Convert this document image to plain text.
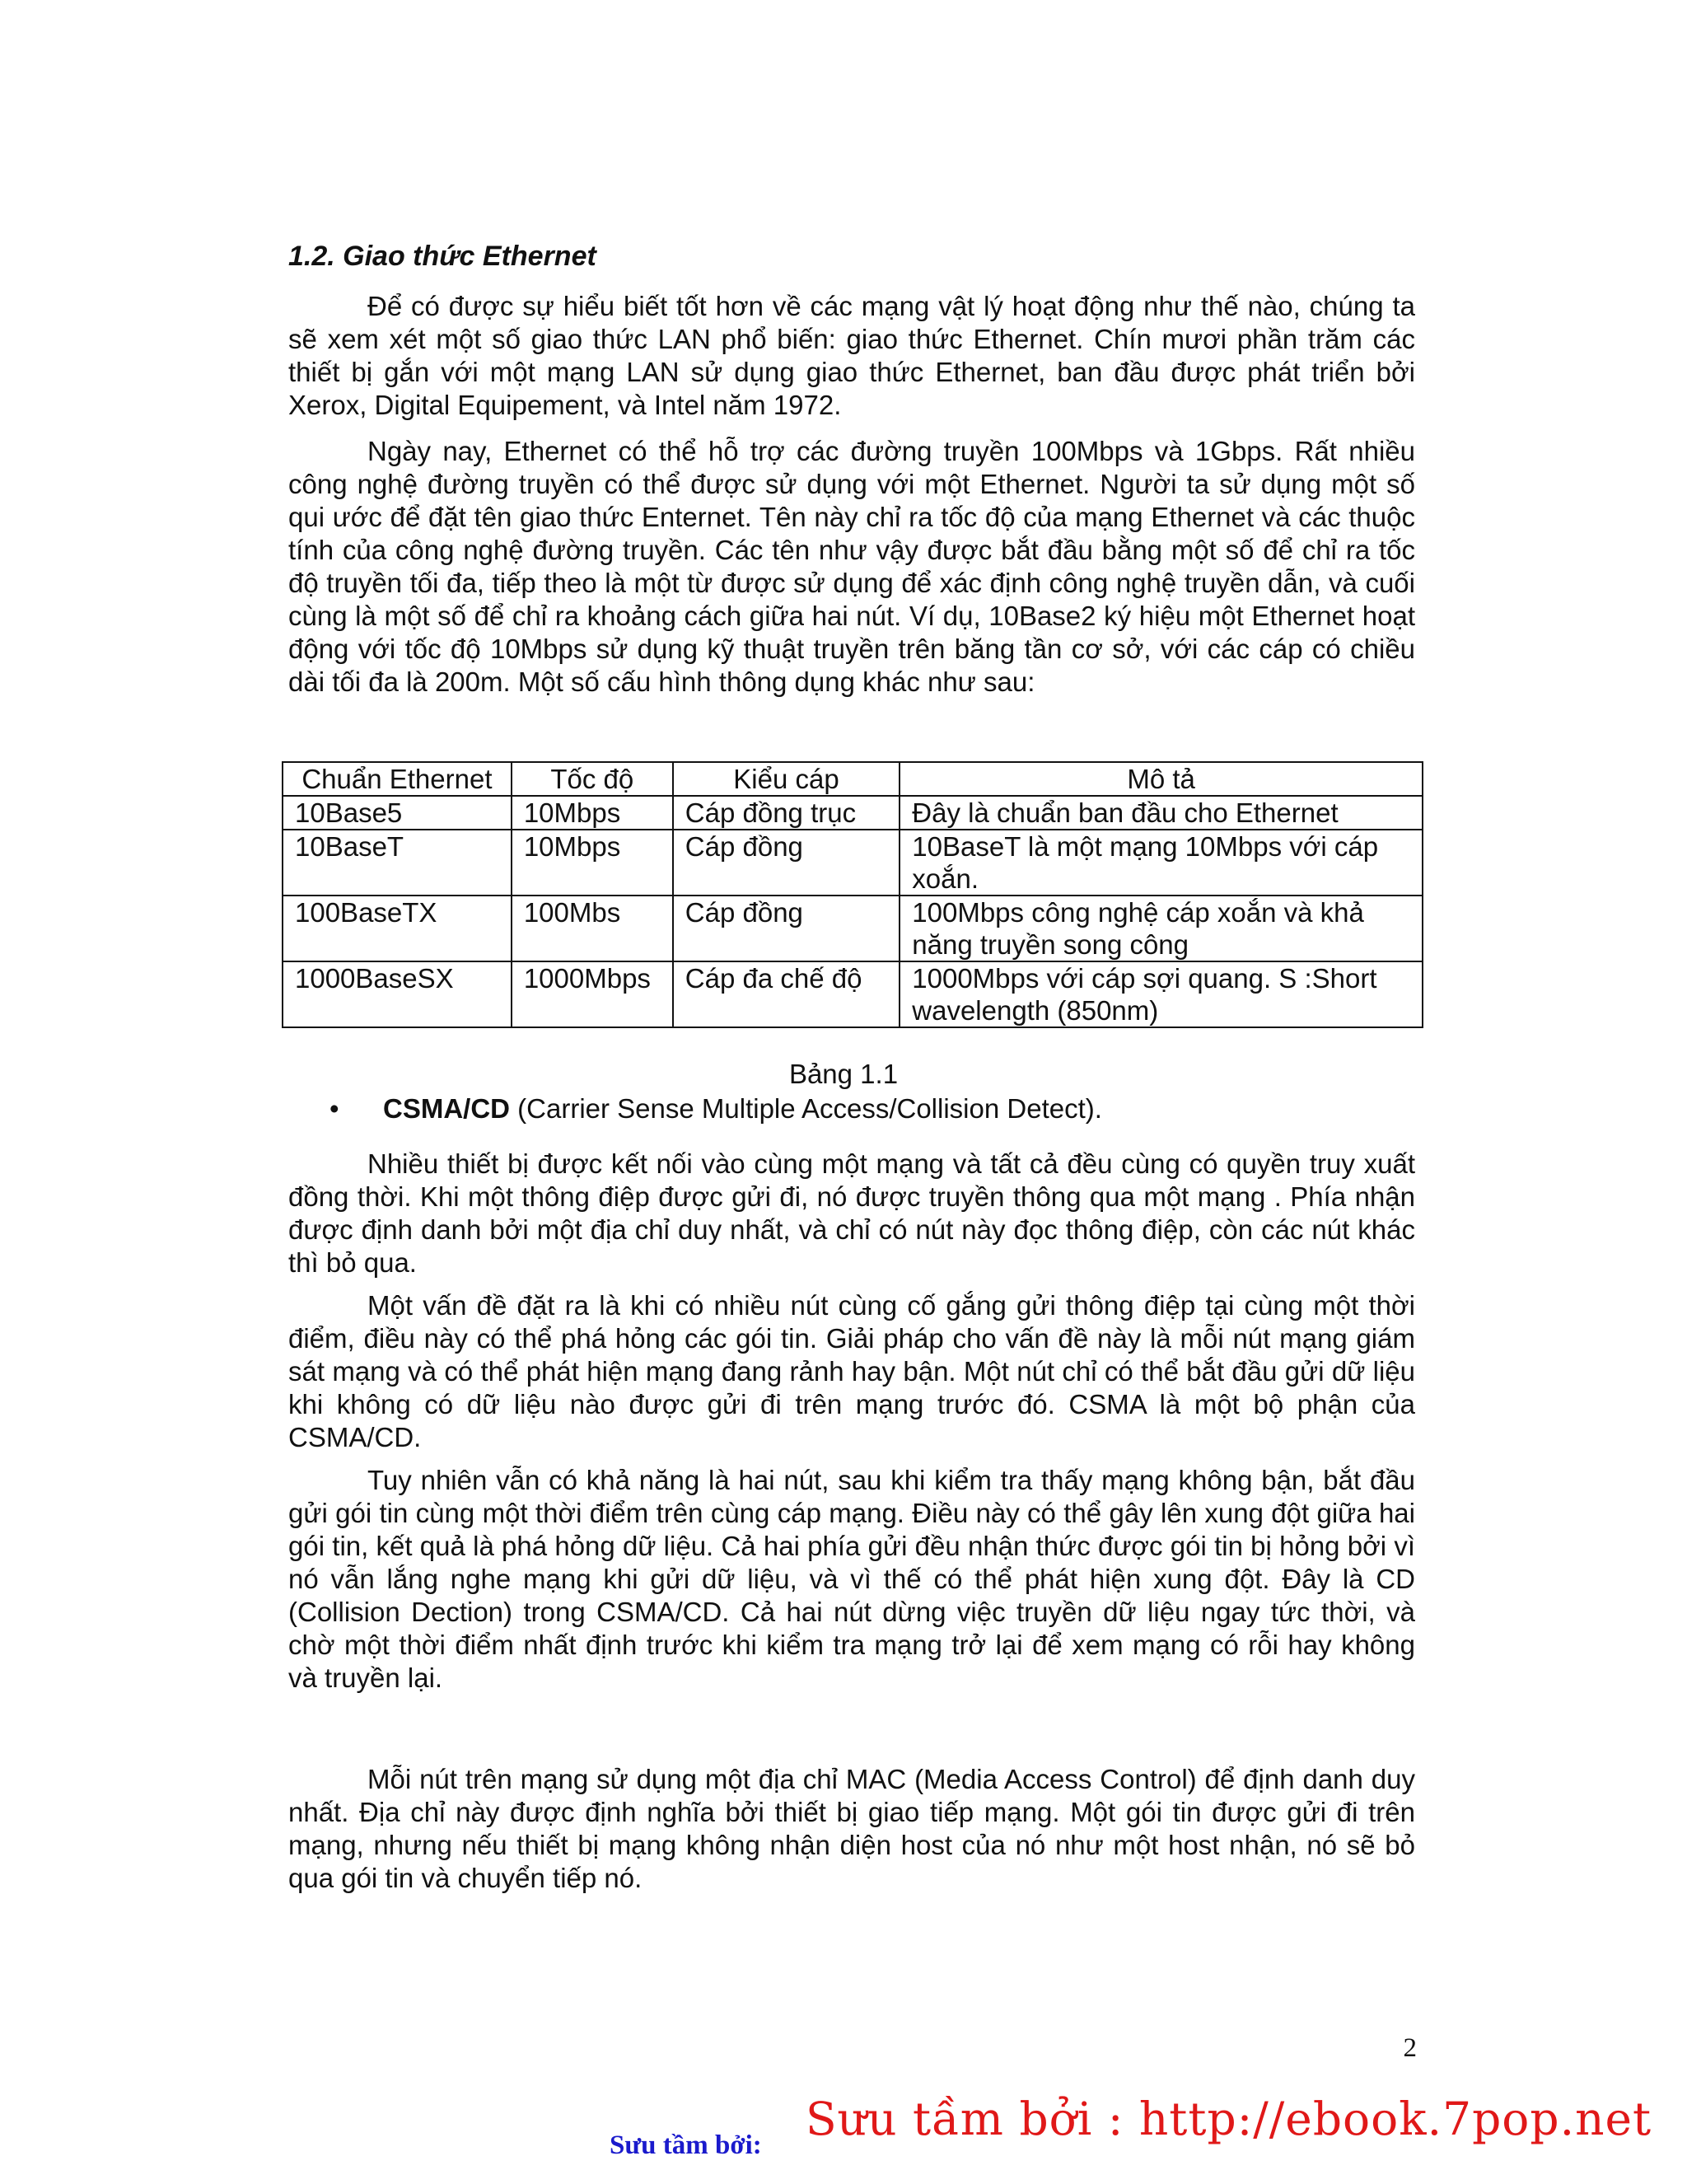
1.2. Giao thức Ethernet

Để có được sự hiểu biết tốt hơn về các mạng vật lý hoạt động như thế nào, chúng ta sẽ xem xét một số giao thức LAN phổ biến: giao thức Ethernet. Chín mươi phần trăm các thiết bị gắn với một mạng LAN sử dụng giao thức Ethernet, ban đầu được phát triển bởi Xerox, Digital Equipement, và Intel năm 1972.

Ngày nay, Ethernet có thể hỗ trợ các đường truyền 100Mbps và 1Gbps. Rất nhiều công nghệ đường truyền có thể được sử dụng với một Ethernet. Người ta sử dụng một số qui ước để đặt tên giao thức Enternet. Tên này chỉ ra tốc độ của mạng Ethernet và các thuộc tính của công nghệ đường truyền. Các tên như vậy được bắt đầu bằng một số để chỉ ra tốc độ truyền tối đa, tiếp theo là một từ được sử dụng để xác định công nghệ truyền dẫn, và cuối cùng là một số để chỉ ra khoảng cách giữa hai nút. Ví dụ, 10Base2 ký hiệu một Ethernet hoạt động với tốc độ 10Mbps sử dụng kỹ thuật truyền trên băng tần cơ sở, với các cáp có chiều dài tối đa là 200m. Một số cấu hình thông dụng khác như sau:

Chuẩn Ethernet	Tốc độ	Kiểu cáp	Mô tả
10Base5	10Mbps	Cáp đồng trục	Đây là chuẩn ban đầu cho Ethernet
10BaseT	10Mbps	Cáp đồng	10BaseT là một mạng 10Mbps với cáp xoắn.
100BaseTX	100Mbs	Cáp đồng	100Mbps công nghệ cáp xoắn và khả năng truyền song công
1000BaseSX	1000Mbps	Cáp đa chế độ	1000Mbps với cáp sợi quang. S :Short wavelength (850nm)

Bảng 1.1

• CSMA/CD (Carrier Sense Multiple Access/Collision Detect).

Nhiều thiết bị được kết nối vào cùng một mạng và tất cả đều cùng có quyền truy xuất đồng thời. Khi một thông điệp được gửi đi, nó được truyền thông qua một mạng . Phía nhận được định danh bởi một địa chỉ duy nhất, và chỉ có nút này đọc thông điệp, còn các nút khác thì bỏ qua.

Một vấn đề đặt ra là khi có nhiều nút cùng cố gắng gửi thông điệp tại cùng một thời điểm, điều này có thể phá hỏng các gói tin. Giải pháp cho vấn đề này là mỗi nút mạng giám sát mạng và có thể phát hiện mạng đang rảnh hay bận. Một nút chỉ có thể bắt đầu gửi dữ liệu khi không có dữ liệu nào được gửi đi trên mạng trước đó. CSMA là một bộ phận của CSMA/CD.

Tuy nhiên vẫn có khả năng là hai nút, sau khi kiểm tra thấy mạng không bận, bắt đầu gửi gói tin cùng một thời điểm trên cùng cáp mạng. Điều này có thể gây lên xung đột giữa hai gói tin, kết quả là phá hỏng dữ liệu. Cả hai phía gửi đều nhận thức được gói tin bị hỏng bởi vì nó vẫn lắng nghe mạng khi gửi dữ liệu, và vì thế có thể phát hiện xung đột. Đây là CD (Collision Dection) trong CSMA/CD. Cả hai nút dừng việc truyền dữ liệu ngay tức thời, và chờ một thời điểm nhất định trước khi kiểm tra mạng trở lại để xem mạng có rỗi hay không và truyền lại.

Mỗi nút trên mạng sử dụng một địa chỉ MAC (Media Access Control) để định danh duy nhất. Địa chỉ này được định nghĩa bởi thiết bị giao tiếp mạng. Một gói tin được gửi đi trên mạng, nhưng nếu thiết bị mạng không nhận diện host của nó như một host nhận, nó sẽ bỏ qua gói tin và chuyển tiếp nó.

2
Sưu tầm bởi: Sưu tầm bởi : http://ebook.7pop.net
